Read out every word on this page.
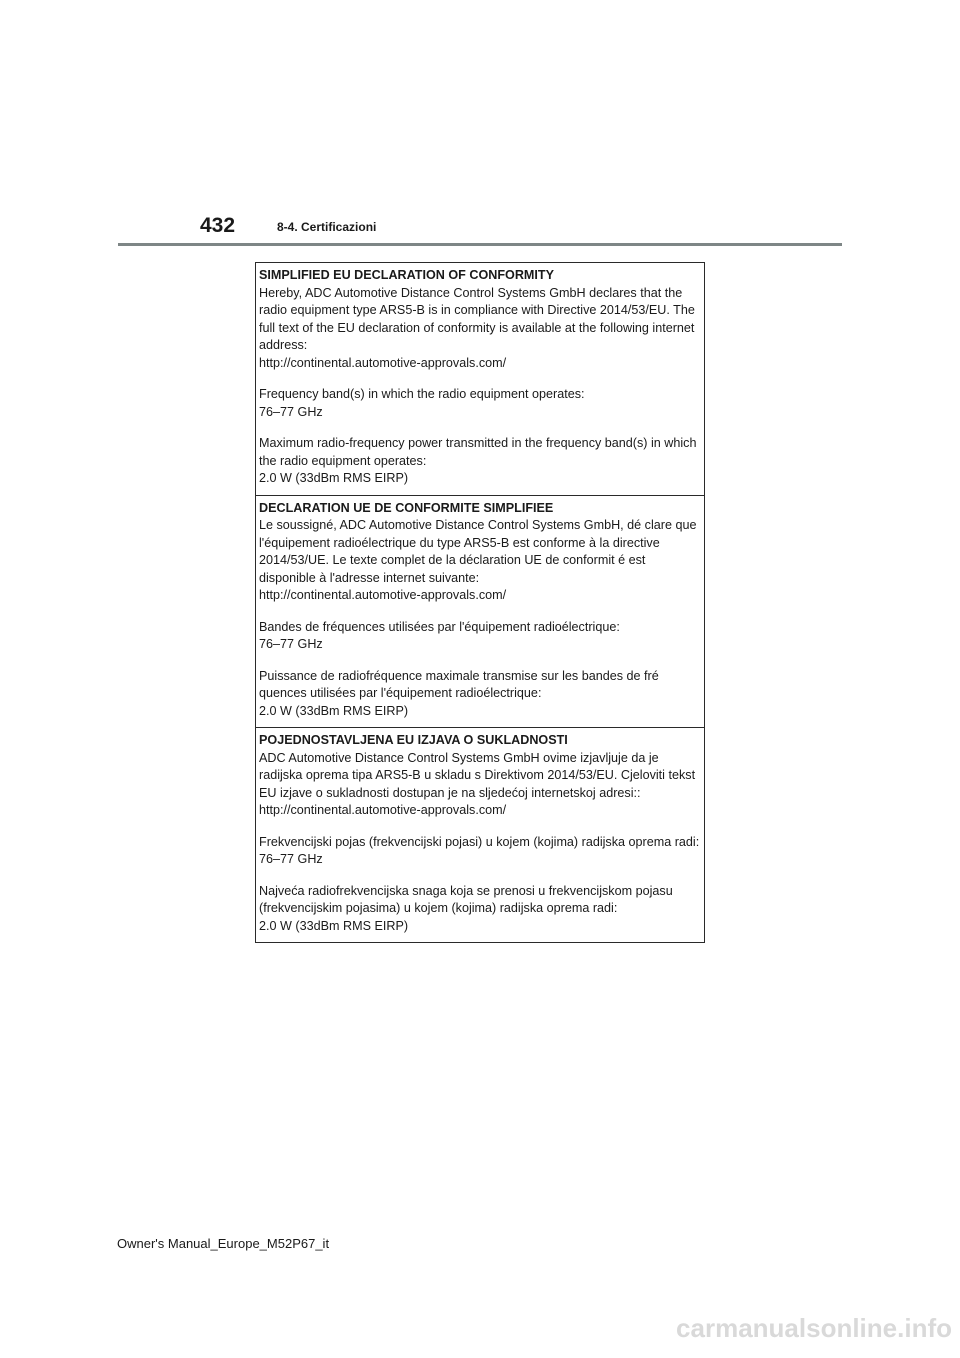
432	8-4. Certificazioni

SIMPLIFIED EU DECLARATION OF CONFORMITY

Hereby, ADC Automotive Distance Control Systems GmbH declares that the radio equipment type ARS5-B is in compliance with Directive 2014/53/EU. The full text of the EU declaration of conformity is available at the following internet address:

http://continental.automotive-approvals.com/

Frequency band(s) in which the radio equipment operates:

76–77 GHz

Maximum radio-frequency power transmitted in the frequency band(s) in which the radio equipment operates:

2.0 W (33dBm RMS EIRP)

DECLARATION UE DE CONFORMITE SIMPLIFIEE

Le soussigné, ADC Automotive Distance Control Systems GmbH, dé clare que l'équipement radioélectrique du type ARS5-B est conforme à la directive 2014/53/UE. Le texte complet de la déclaration UE de conformit é est disponible à l'adresse internet suivante:

http://continental.automotive-approvals.com/

Bandes de fréquences utilisées par l'équipement radioélectrique:

76–77 GHz

Puissance de radiofréquence maximale transmise sur les bandes de fré quences utilisées par l'équipement radioélectrique:

2.0 W (33dBm RMS EIRP)

POJEDNOSTAVLJENA EU IZJAVA O SUKLADNOSTI

ADC Automotive Distance Control Systems GmbH ovime izjavljuje da je radijska oprema tipa ARS5-B u skladu s Direktivom 2014/53/EU. Cjeloviti tekst EU izjave o sukladnosti dostupan je na sljedećoj internetskoj adresi::

http://continental.automotive-approvals.com/

Frekvencijski pojas (frekvencijski pojasi) u kojem (kojima) radijska oprema radi: 76–77 GHz

Najveća radiofrekvencijska snaga koja se prenosi u frekvencijskom pojasu (frekvencijskim pojasima) u kojem (kojima) radijska oprema radi:

2.0 W (33dBm RMS EIRP)

Owner's Manual_Europe_M52P67_it
carmanualsonline.info
